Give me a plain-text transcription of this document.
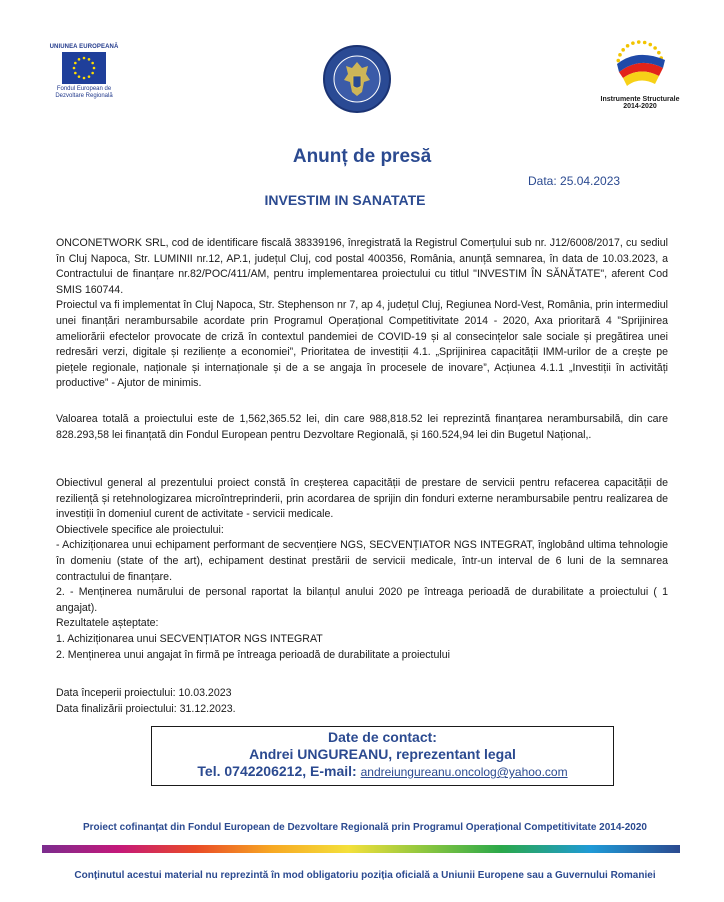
UNIUNEA EUROPEANĂ
Fondul European de
Dezvoltare Regională	Instrumente Structurale
2014-2020
Anunț de presă
Data: 25.04.2023
INVESTIM IN SANATATE

ONCONETWORK SRL, cod de identificare fiscală 38339196, înregistrată la Registrul Comerțului sub nr. J12/6008/2017, cu sediul în Cluj Napoca, Str. LUMINII nr.12, AP.1, județul Cluj, cod postal 400356, România, anunță semnarea, în data de 10.03.2023, a Contractului de finanțare nr.82/POC/411/AM, pentru implementarea proiectului cu titlul "INVESTIM ÎN SĂNĂTATE", aferent Cod SMIS 160744.

Proiectul va fi implementat în Cluj Napoca, Str. Stephenson nr 7, ap 4, județul Cluj, Regiunea Nord-Vest, România, prin intermediul unei finanțări nerambursabile acordate prin Programul Operațional Competitivitate 2014 - 2020, Axa prioritară 4 ”Sprijinirea ameliorării efectelor provocate de criză în contextul pandemiei de COVID-19 și al consecințelor sale sociale și pregătirea unei redresări verzi, digitale și reziliențe a economiei”, Prioritatea de investiții 4.1. „Sprijinirea capacității IMM-urilor de a crește pe piețele regionale, naționale și internaționale și de a se angaja în procesele de inovare”, Acțiunea 4.1.1 „Investiții în activități productive” - Ajutor de minimis.

Valoarea totală a proiectului este de 1,562,365.52 lei, din care 988,818.52 lei reprezintă finanțarea nerambursabilă, din care 828.293,58 lei finanțată din Fondul European pentru Dezvoltare Regională, și 160.524,94 lei din Bugetul Național,.

Obiectivul general al prezentului proiect constă în creșterea capacității de prestare de servicii pentru refacerea capacității de reziliență și retehnologizarea microîntreprinderii, prin acordarea de sprijin din fonduri externe nerambursabile pentru realizarea de investiții în domeniul curent de activitate - servicii medicale.

Obiectivele specifice ale proiectului:

- Achiziționarea unui echipament performant de secvențiere NGS, SECVENȚIATOR NGS INTEGRAT, înglobând ultima tehnologie în domeniu (state of the art), echipament destinat prestării de servicii medicale, într-un interval de 6 luni de la semnarea contractului de finanțare.

2. - Menținerea numărului de personal raportat la bilanțul anului 2020 pe întreaga perioadă de durabilitate a proiectului ( 1 angajat).

Rezultatele așteptate:

1. Achiziționarea unui SECVENȚIATOR NGS INTEGRAT

2. Menținerea unui angajat în firmă pe întreaga perioadă de durabilitate a proiectului

Data începerii proiectului: 10.03.2023

Data finalizării proiectului: 31.12.2023.

Date de contact:
Andrei UNGUREANU, reprezentant legal
Tel. 0742206212, E-mail: andreiungureanu.oncolog@yahoo.com
Proiect cofinanțat din Fondul European de Dezvoltare Regională prin Programul Operațional Competitivitate 2014-2020
Conținutul acestui material nu reprezintă în mod obligatoriu poziția oficială a Uniunii Europene sau a Guvernului Romaniei
